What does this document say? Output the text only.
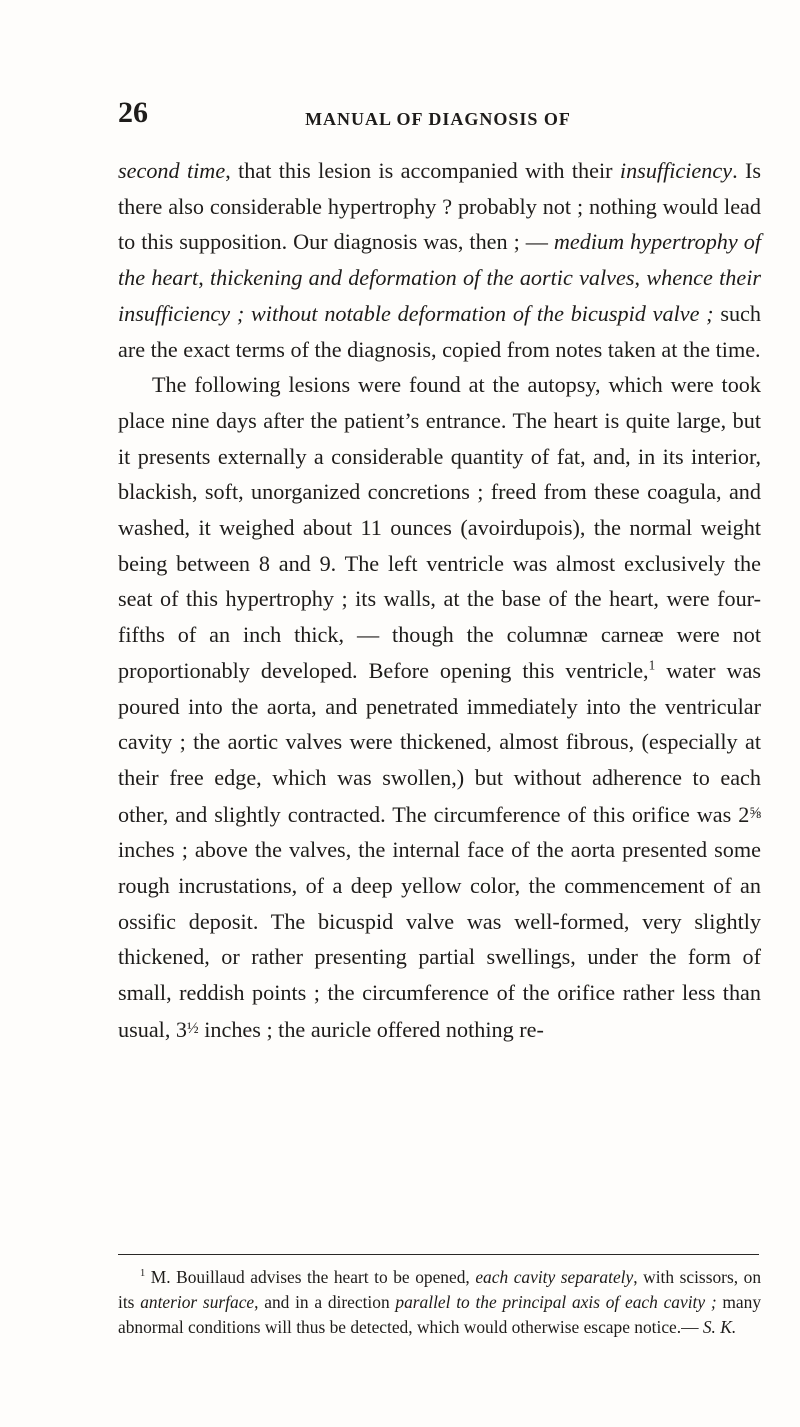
26	MANUAL OF DIAGNOSIS OF

second time, that this lesion is accompanied with their insufficiency. Is there also considerable hypertrophy ? probably not ; nothing would lead to this supposition. Our diagnosis was, then ; — medium hypertrophy of the heart, thickening and deformation of the aortic valves, whence their insufficiency ; without notable deformation of the bicuspid valve ; such are the exact terms of the diagnosis, copied from notes taken at the time.

The following lesions were found at the autopsy, which were took place nine days after the patient’s entrance. The heart is quite large, but it presents externally a considerable quantity of fat, and, in its interior, blackish, soft, unorganized concretions ; freed from these coagula, and washed, it weighed about 11 ounces (avoirdupois), the normal weight being between 8 and 9. The left ventricle was almost exclusively the seat of this hypertrophy ; its walls, at the base of the heart, were four-fifths of an inch thick, — though the columnæ carneæ were not proportionably developed. Before opening this ventricle,$^1$ water was poured into the aorta, and penetrated immediately into the ventricular cavity ; the aortic valves were thickened, almost fibrous, (especially at their free edge, which was swollen,) but without adherence to each other, and slightly contracted. The circumference of this orifice was 2⅝ inches ; above the valves, the internal face of the aorta presented some rough incrustations, of a deep yellow color, the commencement of an ossific deposit. The bicuspid valve was well-formed, very slightly thickened, or rather presenting partial swellings, under the form of small, reddish points ; the circumference of the orifice rather less than usual, 3½ inches ; the auricle offered nothing re-

$^1$ M. Bouillaud advises the heart to be opened, each cavity separately, with scissors, on its anterior surface, and in a direction parallel to the principal axis of each cavity ; many abnormal conditions will thus be detected, which would otherwise escape notice.— S. K.
